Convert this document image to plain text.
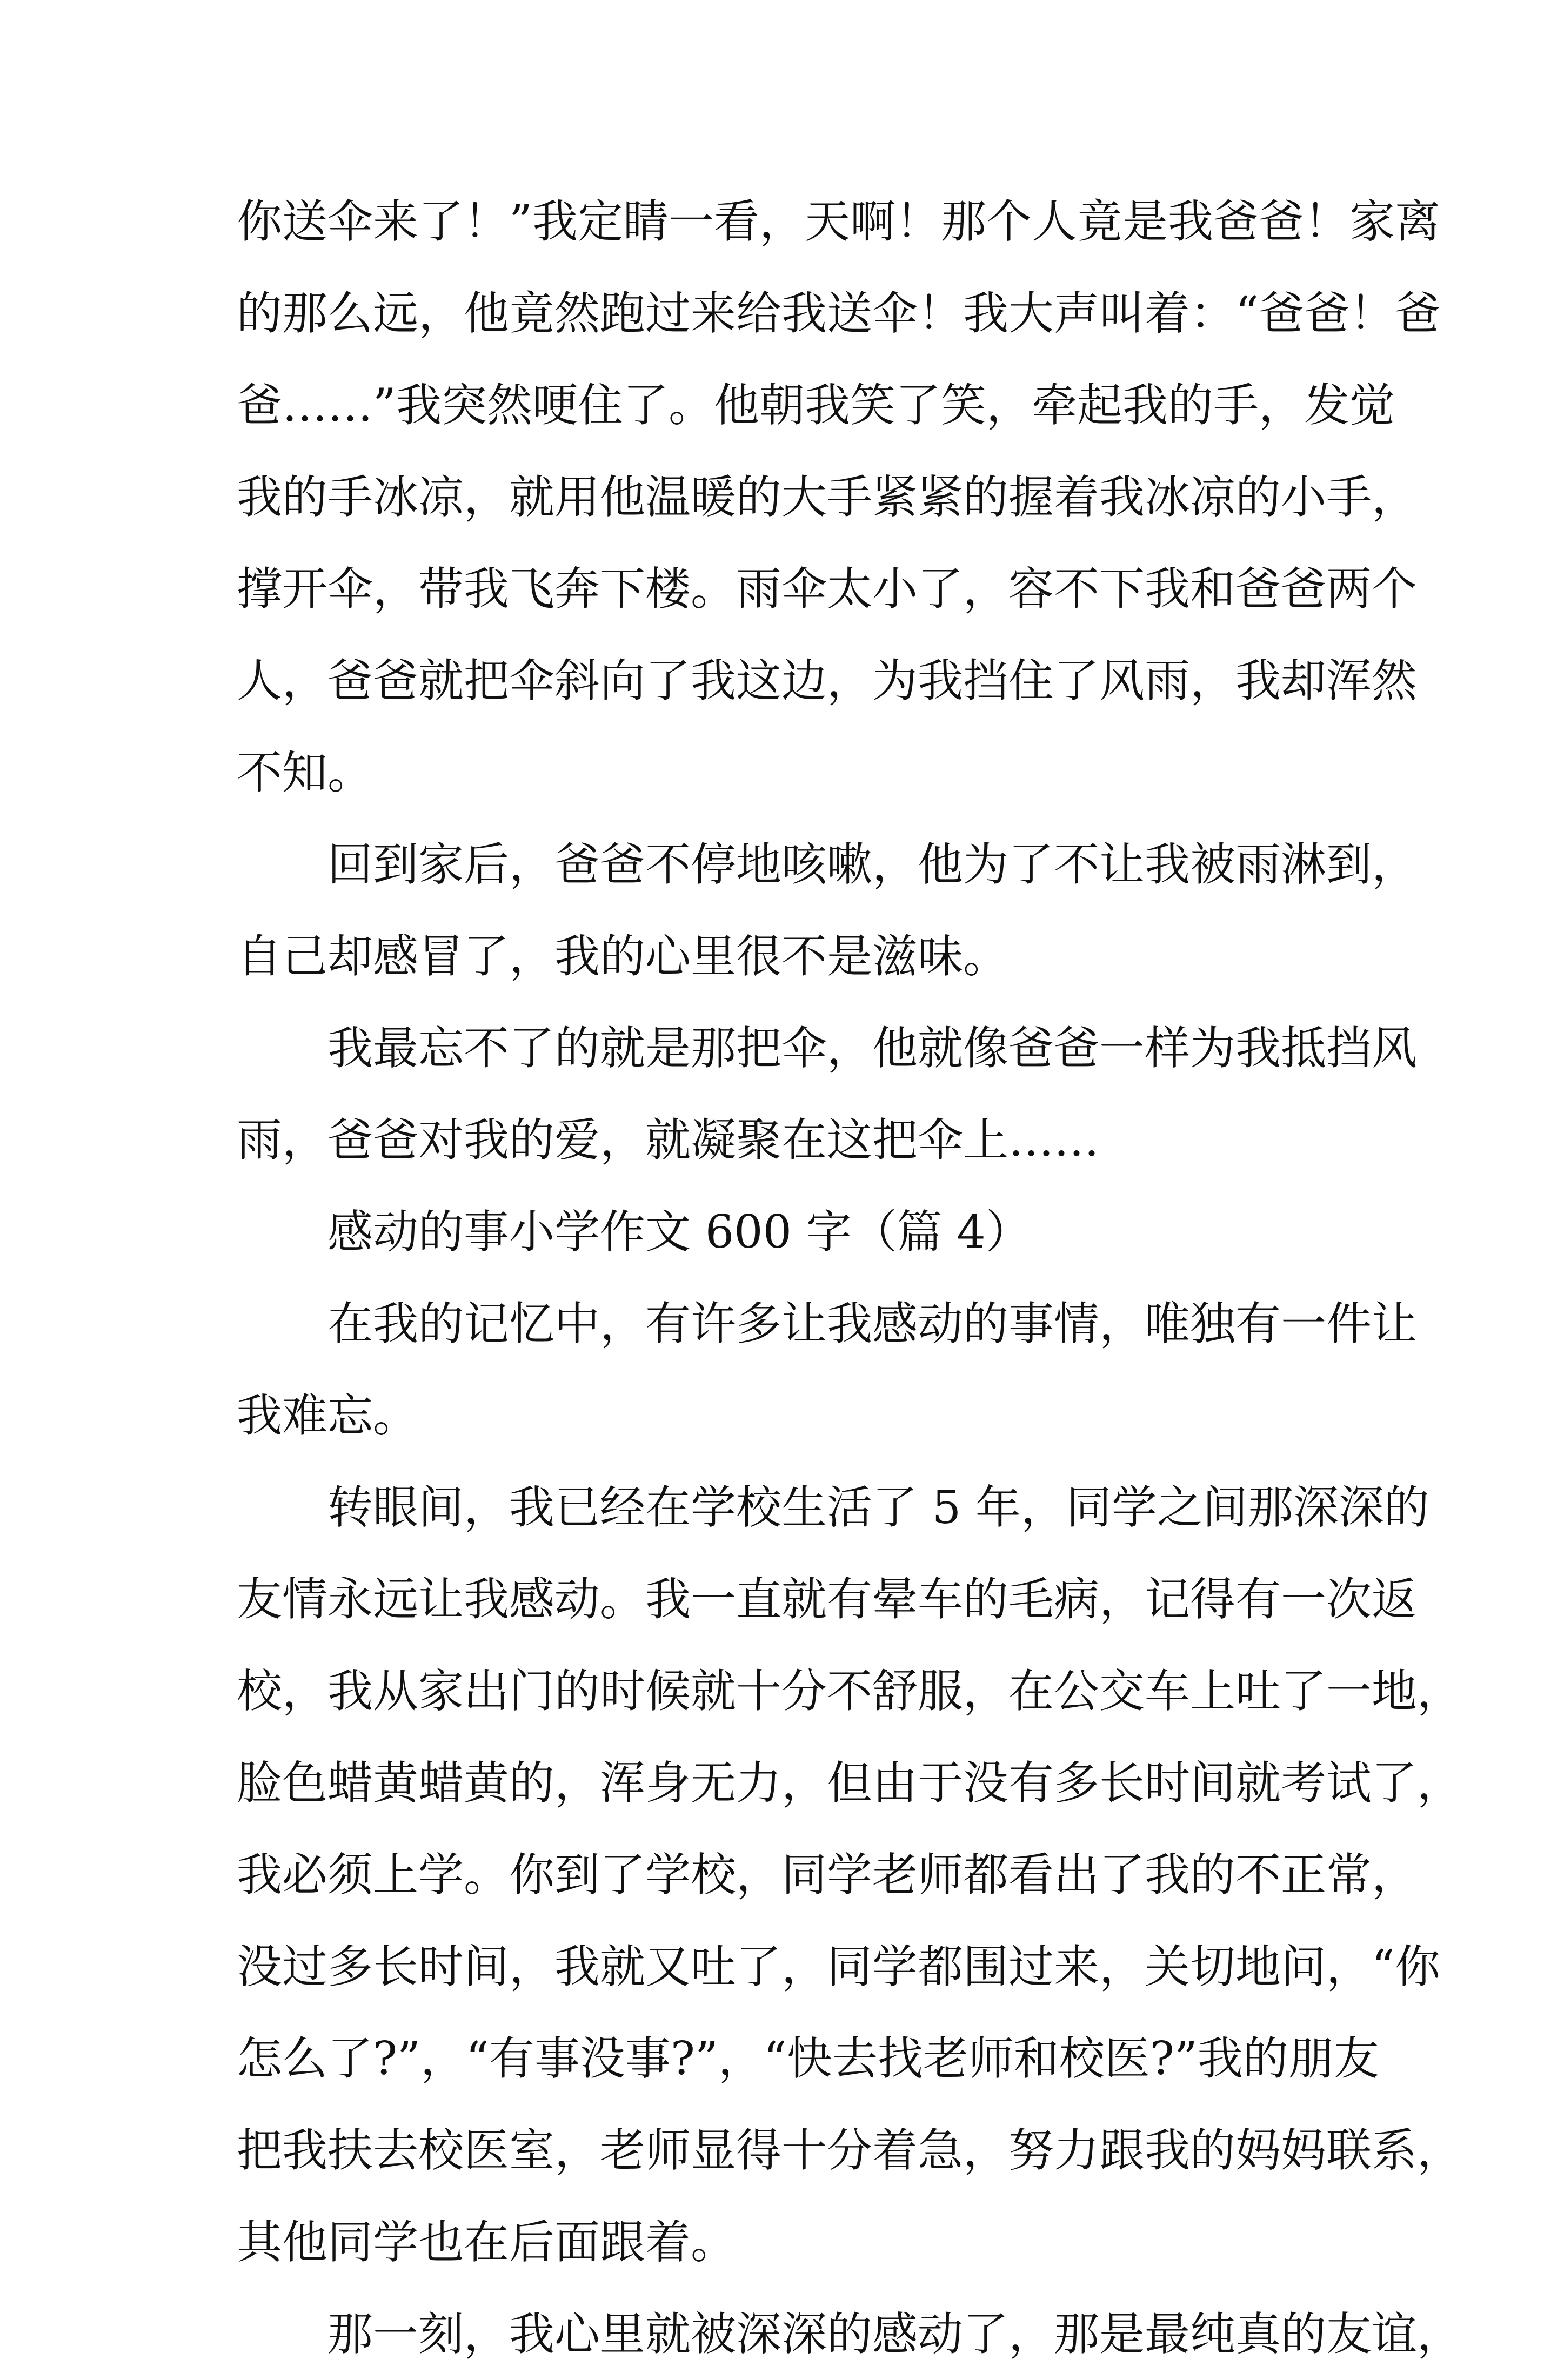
你送伞来了！”我定睛一看，天啊！那个人竟是我爸爸！家离
的那么远，他竟然跑过来给我送伞！我大声叫着：“爸爸！爸
爸……”我突然哽住了。他朝我笑了笑，牵起我的手，发觉
我的手冰凉，就用他温暖的大手紧紧的握着我冰凉的小手，
撑开伞，带我飞奔下楼。雨伞太小了，容不下我和爸爸两个
人，爸爸就把伞斜向了我这边，为我挡住了风雨，我却浑然
不知。
回到家后，爸爸不停地咳嗽，他为了不让我被雨淋到，
自己却感冒了，我的心里很不是滋味。
我最忘不了的就是那把伞，他就像爸爸一样为我抵挡风
雨，爸爸对我的爱，就凝聚在这把伞上……
感动的事小学作文 600 字（篇 4）
在我的记忆中，有许多让我感动的事情，唯独有一件让
我难忘。
转眼间，我已经在学校生活了 5 年，同学之间那深深的
友情永远让我感动。我一直就有晕车的毛病，记得有一次返
校，我从家出门的时候就十分不舒服，在公交车上吐了一地，
脸色蜡黄蜡黄的，浑身无力，但由于没有多长时间就考试了，
我必须上学。你到了学校，同学老师都看出了我的不正常，
没过多长时间，我就又吐了，同学都围过来，关切地问，“你
怎么了?”，“有事没事?”，“快去找老师和校医?”我的朋友
把我扶去校医室，老师显得十分着急，努力跟我的妈妈联系，
其他同学也在后面跟着。
那一刻，我心里就被深深的感动了，那是最纯真的友谊，
